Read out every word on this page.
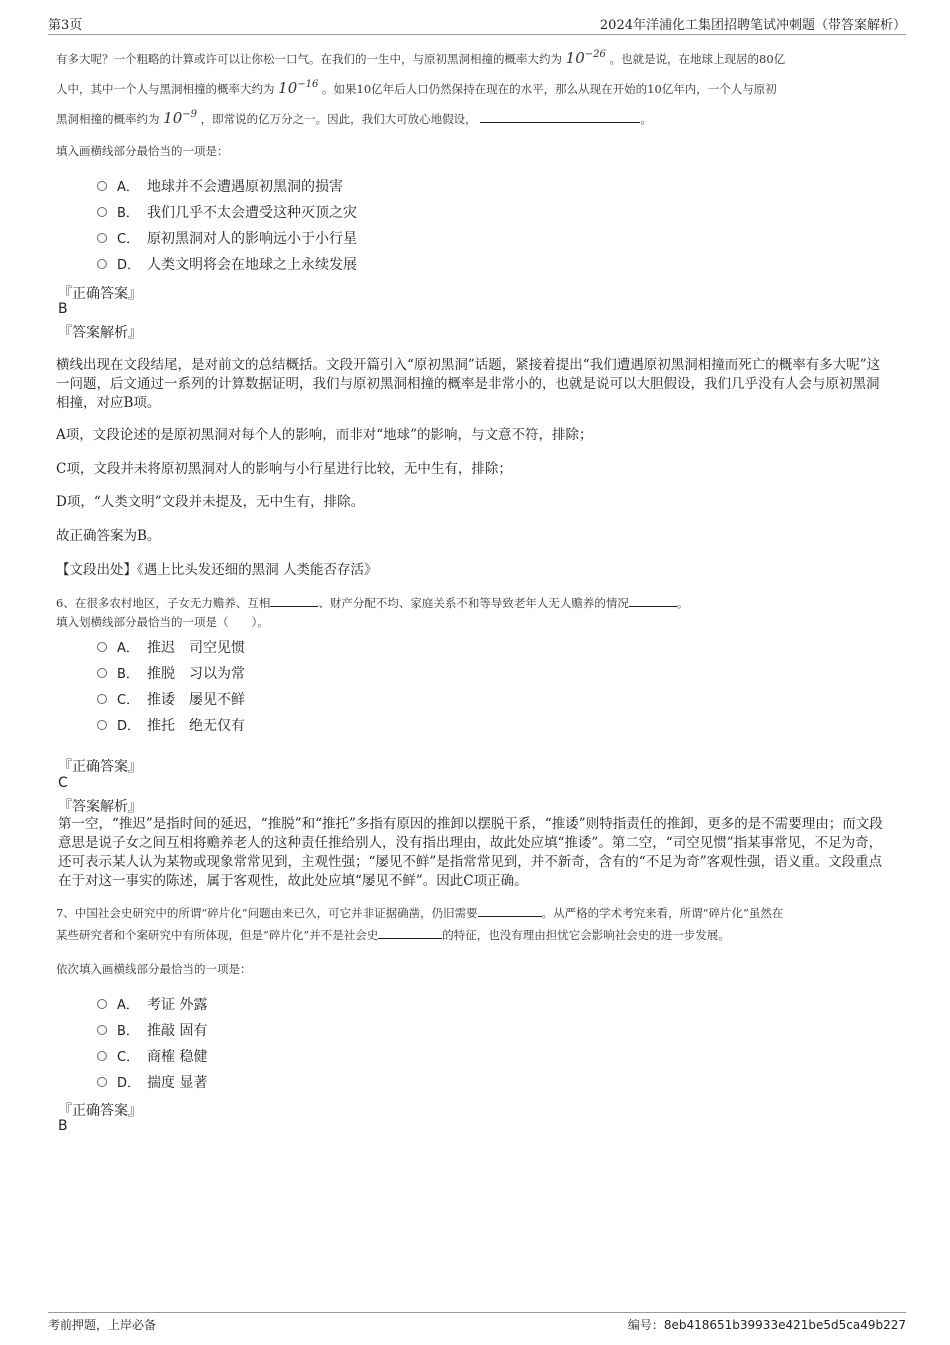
第3页	2024年洋浦化工集团招聘笔试冲刺题（带答案解析）

有多大呢？一个粗略的计算或许可以让你松一口气。在我们的一生中，与原初黑洞相撞的概率大约为 $10^{-26}$ 。也就是说，在地球上现居的80亿

人中，其中一个人与黑洞相撞的概率大约为 $10^{-16}$ 。如果10亿年后人口仍然保持在现在的水平，那么从现在开始的10亿年内，一个人与原初

黑洞相撞的概率约为 $10^{-9}$ ，即常说的亿万分之一。因此，我们大可放心地假设，	。

填入画横线部分最恰当的一项是：
A． 地球并不会遭遇原初黑洞的损害
B． 我们几乎不太会遭受这种灭顶之灾
C． 原初黑洞对人的影响远小于小行星
D． 人类文明将会在地球之上永续发展
『正确答案』
B
『答案解析』
横线出现在文段结尾，是对前文的总结概括。文段开篇引入“原初黑洞”话题，紧接着提出“我们遭遇原初黑洞相撞而死亡的概率有多大呢”这一问题，后文通过一系列的计算数据证明，我们与原初黑洞相撞的概率是非常小的，也就是说可以大胆假设，我们几乎没有人会与原初黑洞相撞，对应B项。
A项，文段论述的是原初黑洞对每个人的影响，而非对“地球”的影响，与文意不符，排除；
C项，文段并未将原初黑洞对人的影响与小行星进行比较，无中生有，排除；
D项，“人类文明”文段并未提及，无中生有，排除。
故正确答案为B。
【文段出处】《遇上比头发还细的黑洞 人类能否存活》
6、在很多农村地区，子女无力赡养、互相	、财产分配不均、家庭关系不和等导致老年人无人赡养的情况	。
填入划横线部分最恰当的一项是（　　）。
A． 推迟　司空见惯
B． 推脱　习以为常
C． 推诿　屡见不鲜
D． 推托　绝无仅有
『正确答案』
C
『答案解析』
第一空，“推迟”是指时间的延迟，“推脱”和“推托”多指有原因的推卸以摆脱干系，“推诿”则特指责任的推卸，更多的是不需要理由；而文段意思是说子女之间互相将赡养老人的这种责任推给别人，没有指出理由，故此处应填“推诿”。第二空，“司空见惯”指某事常见，不足为奇，还可表示某人认为某物或现象常常见到，主观性强；“屡见不鲜”是指常常见到，并不新奇，含有的“不足为奇”客观性强，语义重。文段重点在于对这一事实的陈述，属于客观性，故此处应填“屡见不鲜”。因此C项正确。

7、中国社会史研究中的所谓“碎片化”问题由来已久，可它并非证据确凿，仍旧需要	。从严格的学术考究来看，所谓“碎片化”虽然在

某些研究者和个案研究中有所体现，但是“碎片化”并不是社会史	的特征，也没有理由担忧它会影响社会史的进一步发展。

依次填入画横线部分最恰当的一项是：
A． 考证 外露
B． 推敲 固有
C． 商榷 稳健
D． 揣度 显著
『正确答案』
B
考前押题，上岸必备	编号：8eb418651b39933e421be5d5ca49b227
